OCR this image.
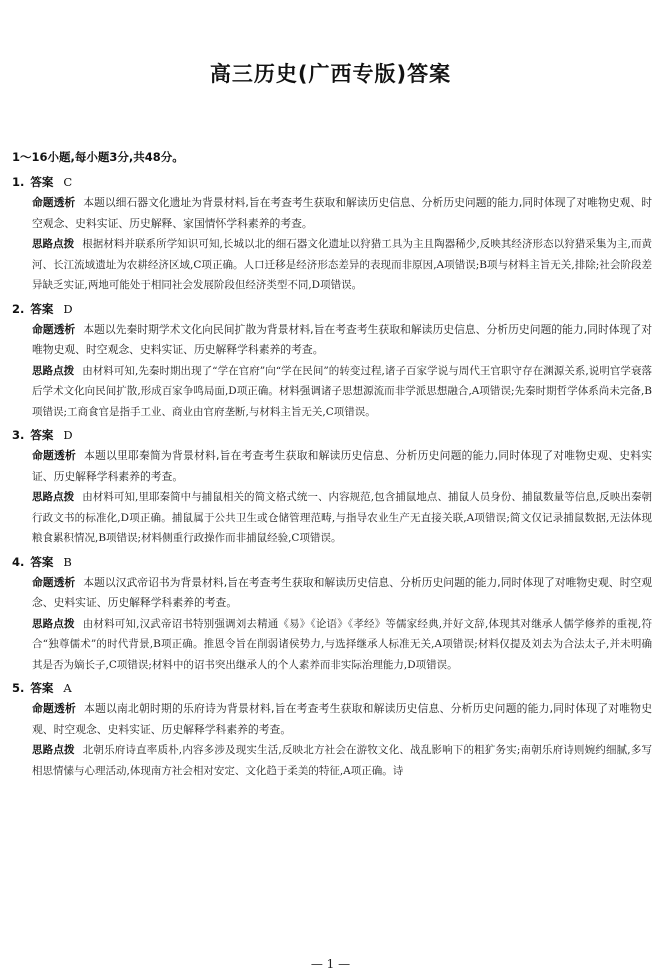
高三历史(广西专版)答案
1～16小题,每小题3分,共48分。
1. 答案 C

命题透析 本题以细石器文化遗址为背景材料,旨在考查考生获取和解读历史信息、分析历史问题的能力,同时体现了对唯物史观、时空观念、史料实证、历史解释、家国情怀学科素养的考查。

思路点拨 根据材料并联系所学知识可知,长城以北的细石器文化遗址以狩猎工具为主且陶器稀少,反映其经济形态以狩猎采集为主,而黄河、长江流域遗址为农耕经济区域,C项正确。人口迁移是经济形态差异的表现而非原因,A项错误;B项与材料主旨无关,排除;社会阶段差异缺乏实证,两地可能处于相同社会发展阶段但经济类型不同,D项错误。

2. 答案 D

命题透析 本题以先秦时期学术文化向民间扩散为背景材料,旨在考查考生获取和解读历史信息、分析历史问题的能力,同时体现了对唯物史观、时空观念、史料实证、历史解释学科素养的考查。

思路点拨 由材料可知,先秦时期出现了“学在官府”向“学在民间”的转变过程,诸子百家学说与周代王官职守存在渊源关系,说明官学衰落后学术文化向民间扩散,形成百家争鸣局面,D项正确。材料强调诸子思想源流而非学派思想融合,A项错误;先秦时期哲学体系尚未完备,B项错误;工商食官是指手工业、商业由官府垄断,与材料主旨无关,C项错误。

3. 答案 D

命题透析 本题以里耶秦简为背景材料,旨在考查考生获取和解读历史信息、分析历史问题的能力,同时体现了对唯物史观、史料实证、历史解释学科素养的考查。

思路点拨 由材料可知,里耶秦简中与捕鼠相关的简文格式统一、内容规范,包含捕鼠地点、捕鼠人员身份、捕鼠数量等信息,反映出秦朝行政文书的标准化,D项正确。捕鼠属于公共卫生或仓储管理范畴,与指导农业生产无直接关联,A项错误;简文仅记录捕鼠数据,无法体现粮食累积情况,B项错误;材料侧重行政操作而非捕鼠经验,C项错误。

4. 答案 B

命题透析 本题以汉武帝诏书为背景材料,旨在考查考生获取和解读历史信息、分析历史问题的能力,同时体现了对唯物史观、时空观念、史料实证、历史解释学科素养的考查。

思路点拨 由材料可知,汉武帝诏书特别强调刘去精通《易》《论语》《孝经》等儒家经典,并好文辞,体现其对继承人儒学修养的重视,符合“独尊儒术”的时代背景,B项正确。推恩令旨在削弱诸侯势力,与选择继承人标准无关,A项错误;材料仅提及刘去为合法太子,并未明确其是否为嫡长子,C项错误;材料中的诏书突出继承人的个人素养而非实际治理能力,D项错误。

5. 答案 A

命题透析 本题以南北朝时期的乐府诗为背景材料,旨在考查考生获取和解读历史信息、分析历史问题的能力,同时体现了对唯物史观、时空观念、史料实证、历史解释学科素养的考查。

思路点拨 北朝乐府诗直率质朴,内容多涉及现实生活,反映北方社会在游牧文化、战乱影响下的粗犷务实;南朝乐府诗则婉约细腻,多写相思情愫与心理活动,体现南方社会相对安定、文化趋于柔美的特征,A项正确。诗

— 1 —
